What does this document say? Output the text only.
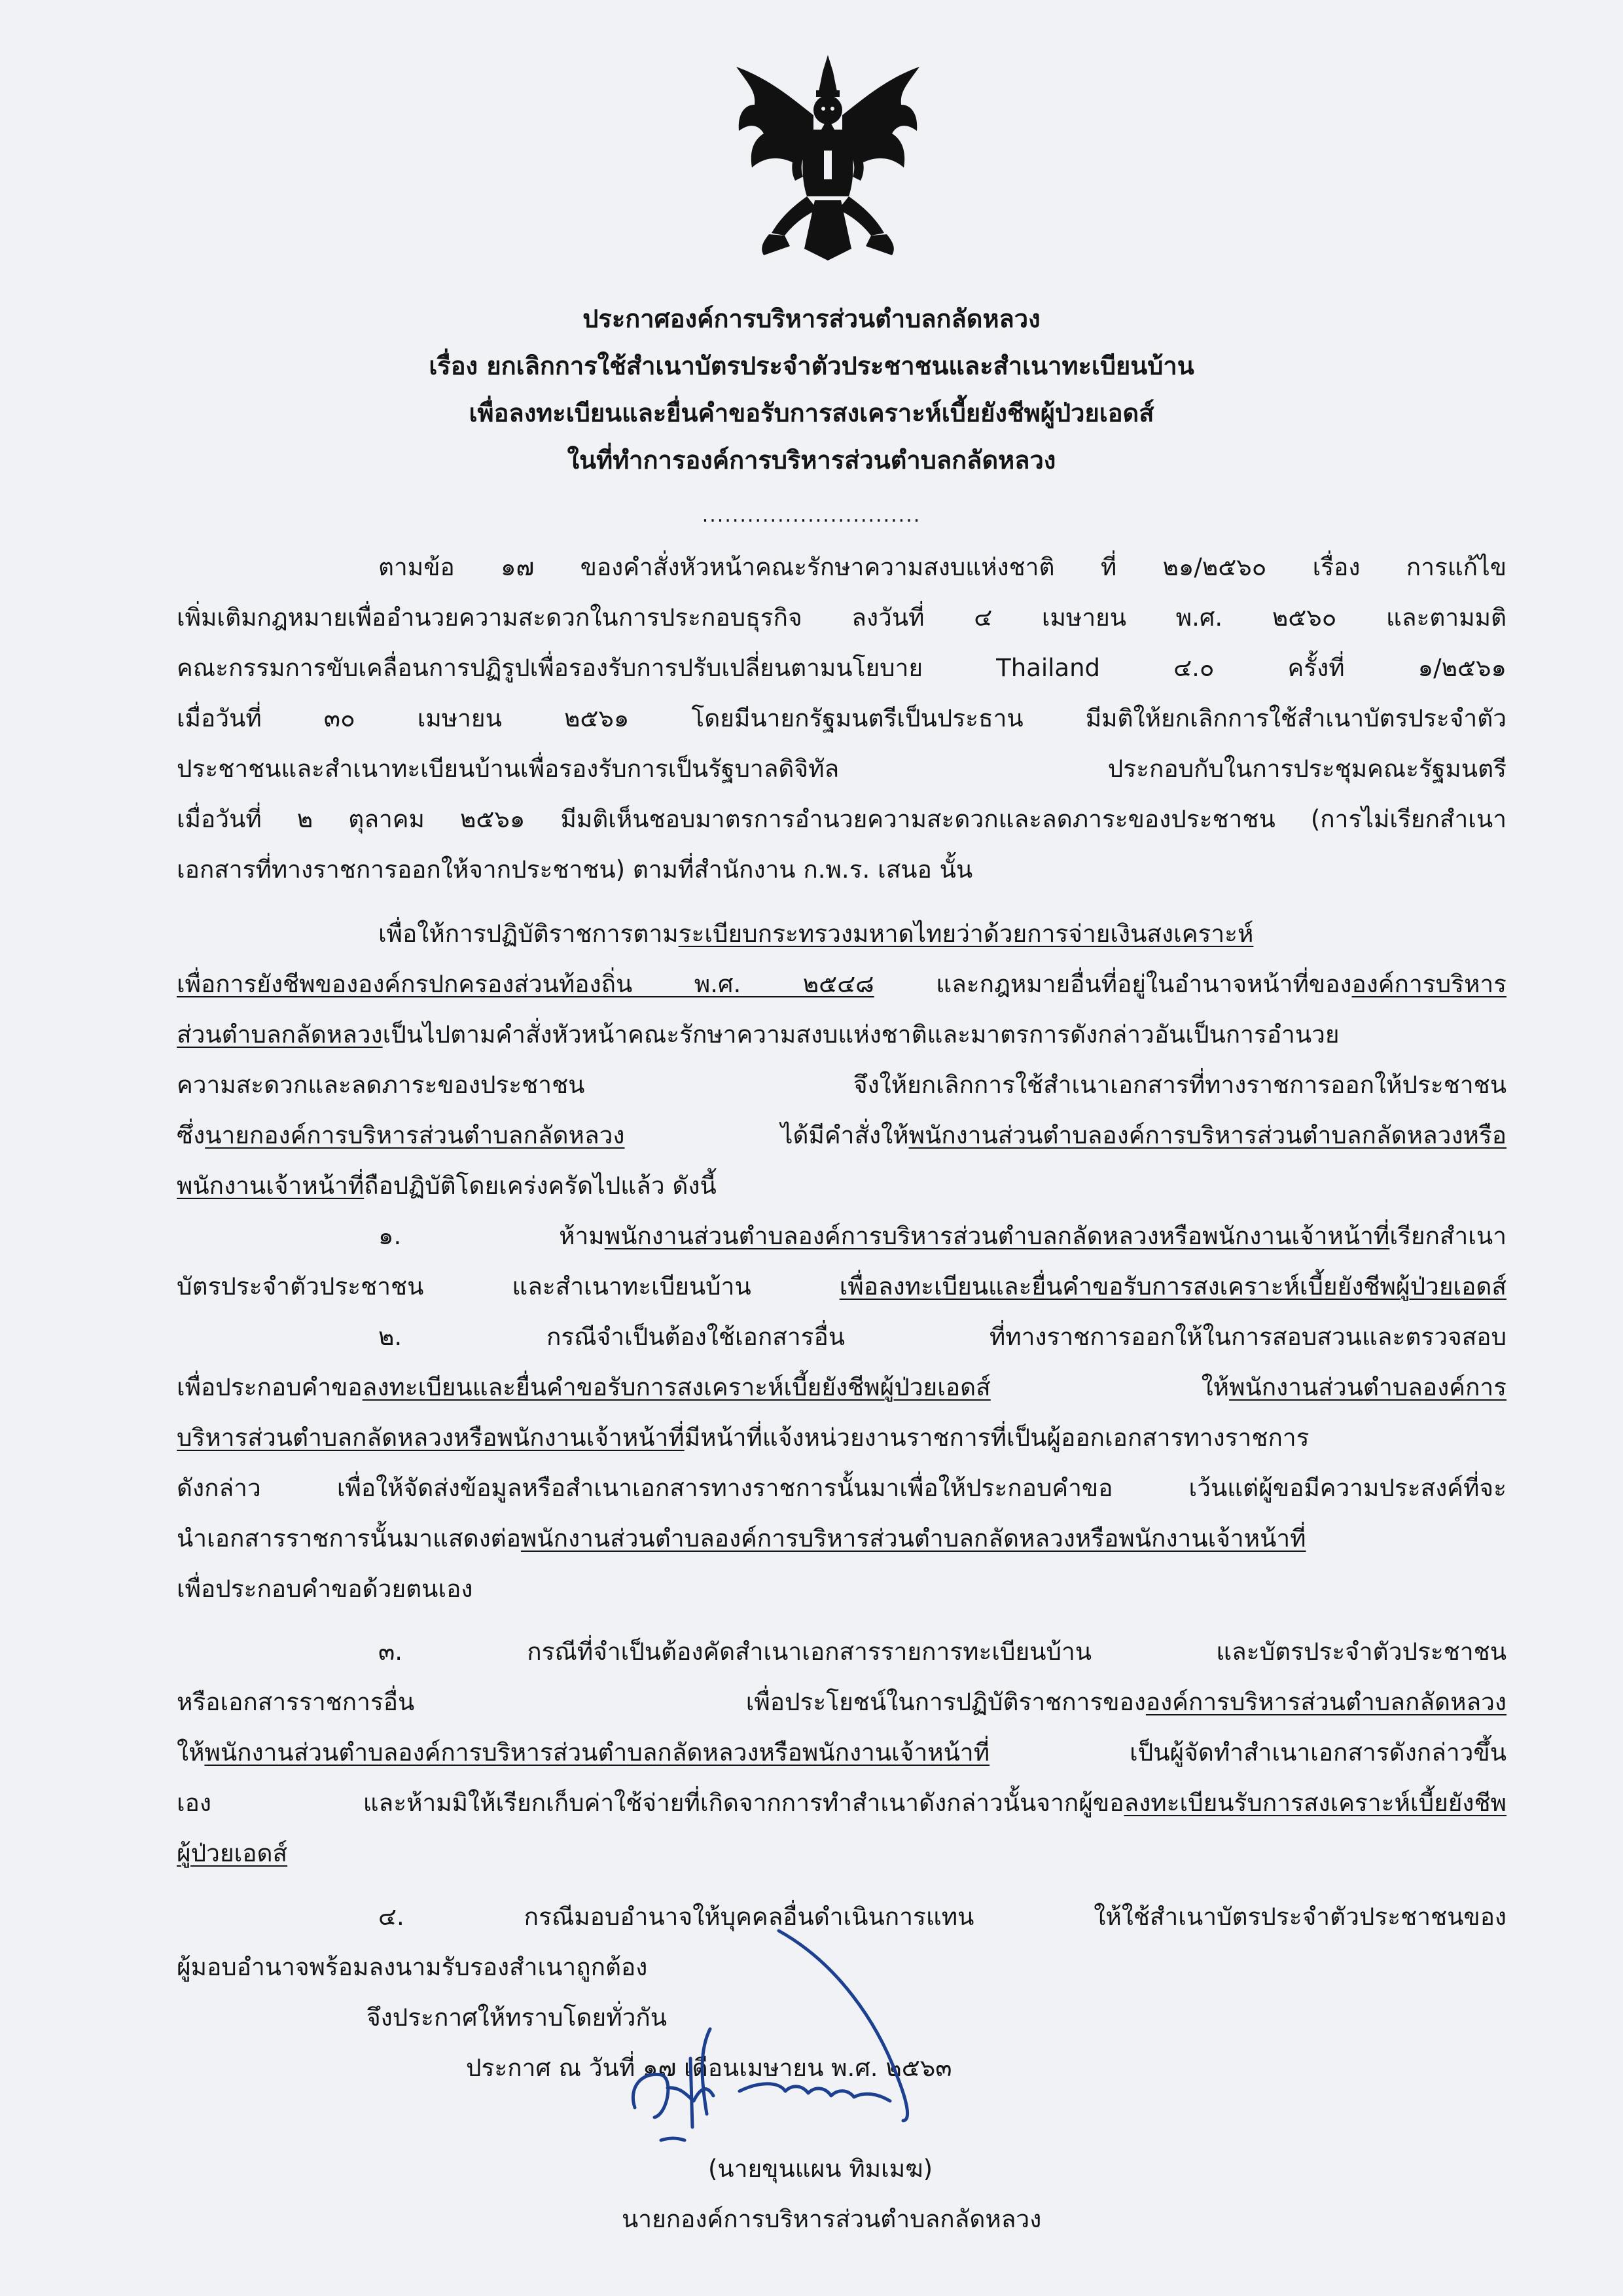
ประกาศองค์การบริหารส่วนตำบลกลัดหลวง
เรื่อง ยกเลิกการใช้สำเนาบัตรประจำตัวประชาชนและสำเนาทะเบียนบ้าน
เพื่อลงทะเบียนและยื่นคำขอรับการสงเคราะห์เบี้ยยังชีพผู้ป่วยเอดส์
ในที่ทำการองค์การบริหารส่วนตำบลกลัดหลวง
.............................
ตามข้อ ๑๗ ของคำสั่งหัวหน้าคณะรักษาความสงบแห่งชาติ ที่ ๒๑/๒๕๖๐ เรื่อง การแก้ไข
เพิ่มเติมกฎหมายเพื่ออำนวยความสะดวกในการประกอบธุรกิจ ลงวันที่ ๔ เมษายน พ.ศ. ๒๕๖๐ และตามมติ
คณะกรรมการขับเคลื่อนการปฏิรูปเพื่อรองรับการปรับเปลี่ยนตามนโยบาย Thailand ๔.๐ ครั้งที่ ๑/๒๕๖๑
เมื่อวันที่ ๓๐ เมษายน ๒๕๖๑ โดยมีนายกรัฐมนตรีเป็นประธาน มีมติให้ยกเลิกการใช้สำเนาบัตรประจำตัว
ประชาชนและสำเนาทะเบียนบ้านเพื่อรองรับการเป็นรัฐบาลดิจิทัล ประกอบกับในการประชุมคณะรัฐมนตรี
เมื่อวันที่ ๒ ตุลาคม ๒๕๖๑ มีมติเห็นชอบมาตรการอำนวยความสะดวกและลดภาระของประชาชน (การไม่เรียกสำเนา
เอกสารที่ทางราชการออกให้จากประชาชน) ตามที่สำนักงาน ก.พ.ร. เสนอ นั้น
เพื่อให้การปฏิบัติราชการตามระเบียบกระทรวงมหาดไทยว่าด้วยการจ่ายเงินสงเคราะห์
เพื่อการยังชีพขององค์กรปกครองส่วนท้องถิ่น พ.ศ. ๒๕๔๘ และกฎหมายอื่นที่อยู่ในอำนาจหน้าที่ขององค์การบริหาร
ส่วนตำบลกลัดหลวงเป็นไปตามคำสั่งหัวหน้าคณะรักษาความสงบแห่งชาติและมาตรการดังกล่าวอันเป็นการอำนวย
ความสะดวกและลดภาระของประชาชน จึงให้ยกเลิกการใช้สำเนาเอกสารที่ทางราชการออกให้ประชาชน
ซึ่งนายกองค์การบริหารส่วนตำบลกลัดหลวง ได้มีคำสั่งให้พนักงานส่วนตำบลองค์การบริหารส่วนตำบลกลัดหลวงหรือ
พนักงานเจ้าหน้าที่ถือปฏิบัติโดยเคร่งครัดไปแล้ว ดังนี้
๑. ห้ามพนักงานส่วนตำบลองค์การบริหารส่วนตำบลกลัดหลวงหรือพนักงานเจ้าหน้าที่เรียกสำเนา
บัตรประจำตัวประชาชน และสำเนาทะเบียนบ้าน เพื่อลงทะเบียนและยื่นคำขอรับการสงเคราะห์เบี้ยยังชีพผู้ป่วยเอดส์
๒. กรณีจำเป็นต้องใช้เอกสารอื่น ที่ทางราชการออกให้ในการสอบสวนและตรวจสอบ
เพื่อประกอบคำขอลงทะเบียนและยื่นคำขอรับการสงเคราะห์เบี้ยยังชีพผู้ป่วยเอดส์ ให้พนักงานส่วนตำบลองค์การ
บริหารส่วนตำบลกลัดหลวงหรือพนักงานเจ้าหน้าที่มีหน้าที่แจ้งหน่วยงานราชการที่เป็นผู้ออกเอกสารทางราชการ
ดังกล่าว เพื่อให้จัดส่งข้อมูลหรือสำเนาเอกสารทางราชการนั้นมาเพื่อให้ประกอบคำขอ เว้นแต่ผู้ขอมีความประสงค์ที่จะ
นำเอกสารราชการนั้นมาแสดงต่อพนักงานส่วนตำบลองค์การบริหารส่วนตำบลกลัดหลวงหรือพนักงานเจ้าหน้าที่
เพื่อประกอบคำขอด้วยตนเอง
๓. กรณีที่จำเป็นต้องคัดสำเนาเอกสารรายการทะเบียนบ้าน และบัตรประจำตัวประชาชน
หรือเอกสารราชการอื่น เพื่อประโยชน์ในการปฏิบัติราชการขององค์การบริหารส่วนตำบลกลัดหลวง
ให้พนักงานส่วนตำบลองค์การบริหารส่วนตำบลกลัดหลวงหรือพนักงานเจ้าหน้าที่ เป็นผู้จัดทำสำเนาเอกสารดังกล่าวขึ้น
เอง และห้ามมิให้เรียกเก็บค่าใช้จ่ายที่เกิดจากการทำสำเนาดังกล่าวนั้นจากผู้ขอลงทะเบียนรับการสงเคราะห์เบี้ยยังชีพ
ผู้ป่วยเอดส์
๔. กรณีมอบอำนาจให้บุคคลอื่นดำเนินการแทน ให้ใช้สำเนาบัตรประจำตัวประชาชนของ
ผู้มอบอำนาจพร้อมลงนามรับรองสำเนาถูกต้อง
จึงประกาศให้ทราบโดยทั่วกัน
ประกาศ ณ วันที่ ๑๗ เดือนเมษายน พ.ศ. ๒๕๖๓
(นายขุนแผน ทิมเมฆ)
นายกองค์การบริหารส่วนตำบลกลัดหลวง
